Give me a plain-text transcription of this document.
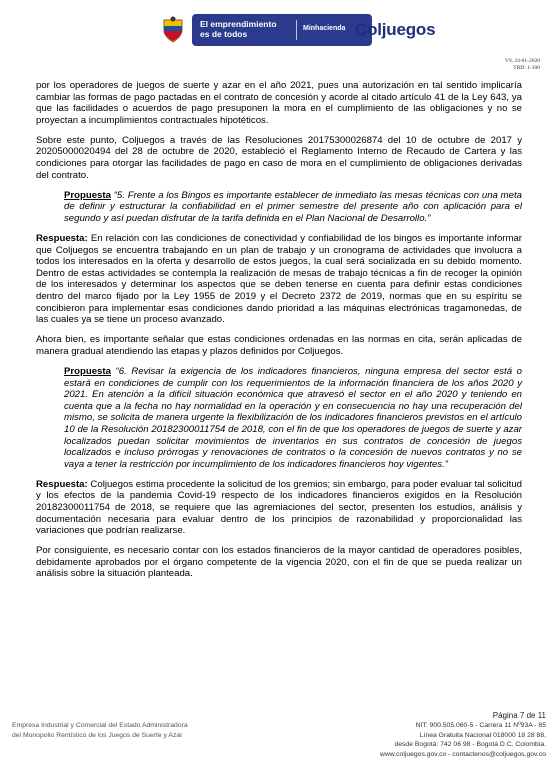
El emprendimiento es de todos
Minhacienda Coljuegos
V9, 24-01-2020
TRD: 1-100

por los operadores de juegos de suerte y azar en el año 2021, pues una autorización en tal sentido implicaría cambiar las formas de pago pactadas en el contrato de concesión y acorde al citado artículo 41 de la Ley 643, ya que las facilidades o acuerdos de pago presuponen la mora en el cumplimiento de las obligaciones y no se proyectan a incumplimientos contractuales hipotéticos.

Sobre este punto, Coljuegos a través de las Resoluciones 20175300026874 del 10 de octubre de 2017 y 20205000020494 del 28 de octubre de 2020, estableció el Reglamento Interno de Recaudo de Cartera y las condiciones para otorgar las facilidades de pago en caso de mora en el cumplimiento de obligaciones derivadas del contrato.

Propuesta “5. Frente a los Bingos es importante establecer de inmediato las mesas técnicas con una meta de definir y estructurar la confiabilidad en el primer semestre del presente año con aplicación para el segundo y así puedan disfrutar de la tarifa definida en el Plan Nacional de Desarrollo.”

Respuesta: En relación con las condiciones de conectividad y confiabilidad de los bingos es importante informar que Coljuegos se encuentra trabajando en un plan de trabajo y un cronograma de actividades que involucra a todos los interesados en la oferta y desarrollo de estos juegos, la cual será socializada en su debido momento. Dentro de estas actividades se contempla la realización de mesas de trabajo técnicas a fin de recoger la opinión de los interesados y determinar los aspectos que se deben tenerse en cuenta para definir estas condiciones dentro del marco fijado por la Ley 1955 de 2019 y el Decreto 2372 de 2019, normas que en su espíritu se concibieron para implementar esas condiciones dando prioridad a las máquinas electrónicas tragamonedas, de las cuales ya se tiene un proceso avanzado.

Ahora bien, es importante señalar que estas condiciones ordenadas en las normas en cita, serán aplicadas de manera gradual atendiendo las etapas y plazos definidos por Coljuegos.

Propuesta “6. Revisar la exigencia de los indicadores financieros, ninguna empresa del sector está o estará en condiciones de cumplir con los requerimientos de la información financiera de los años 2020 y 2021. En atención a la difícil situación económica que atravesó el sector en el año 2020 y teniendo en cuenta que a la fecha no hay normalidad en la operación y en consecuencia no hay una recuperación del mismo, se solicita de manera urgente la flexibilización de los indicadores financieros previstos en el artículo 10 de la Resolución 20182300011754 de 2018, con el fin de que los operadores de juegos de suerte y azar localizados puedan solicitar movimientos de inventarios en sus contratos de concesión de juegos localizados e incluso prórrogas y renovaciones de contratos o la concesión de nuevos contratos y no se vaya a tener la restricción por incumplimiento de los indicadores financieros hoy vigentes.”

Respuesta: Coljuegos estima procedente la solicitud de los gremios; sin embargo, para poder evaluar tal solicitud y los efectos de la pandemia Covid-19 respecto de los indicadores financieros exigidos en la Resolución 20182300011754 de 2018, se requiere que las agremiaciones del sector, presenten los estudios, análisis y documentación necesaria para evaluar dentro de los principios de razonabilidad y proporcionalidad las variaciones que podrían realizarse.

Por consiguiente, es necesario contar con los estados financieros de la mayor cantidad de operadores posibles, debidamente aprobados por el órgano competente de la vigencia 2020, con el fin de que se pueda realizar un análisis sobre la situación planteada.

Página 7 de 11
Empresa Industrial y Comercial del Estado Administradora
del Monopolio Rentístico de los Juegos de Suerte y Azar
NIT: 900.505.060-5 - Carrera 11 Nº93A - 85
Línea Gratuita Nacional 018000 18 28 88,
desde Bogotá: 742 06 98 - Bogotá D.C. Colombia.
www.coljuegos.gov.co - contactenos@coljuegos.gov.co
